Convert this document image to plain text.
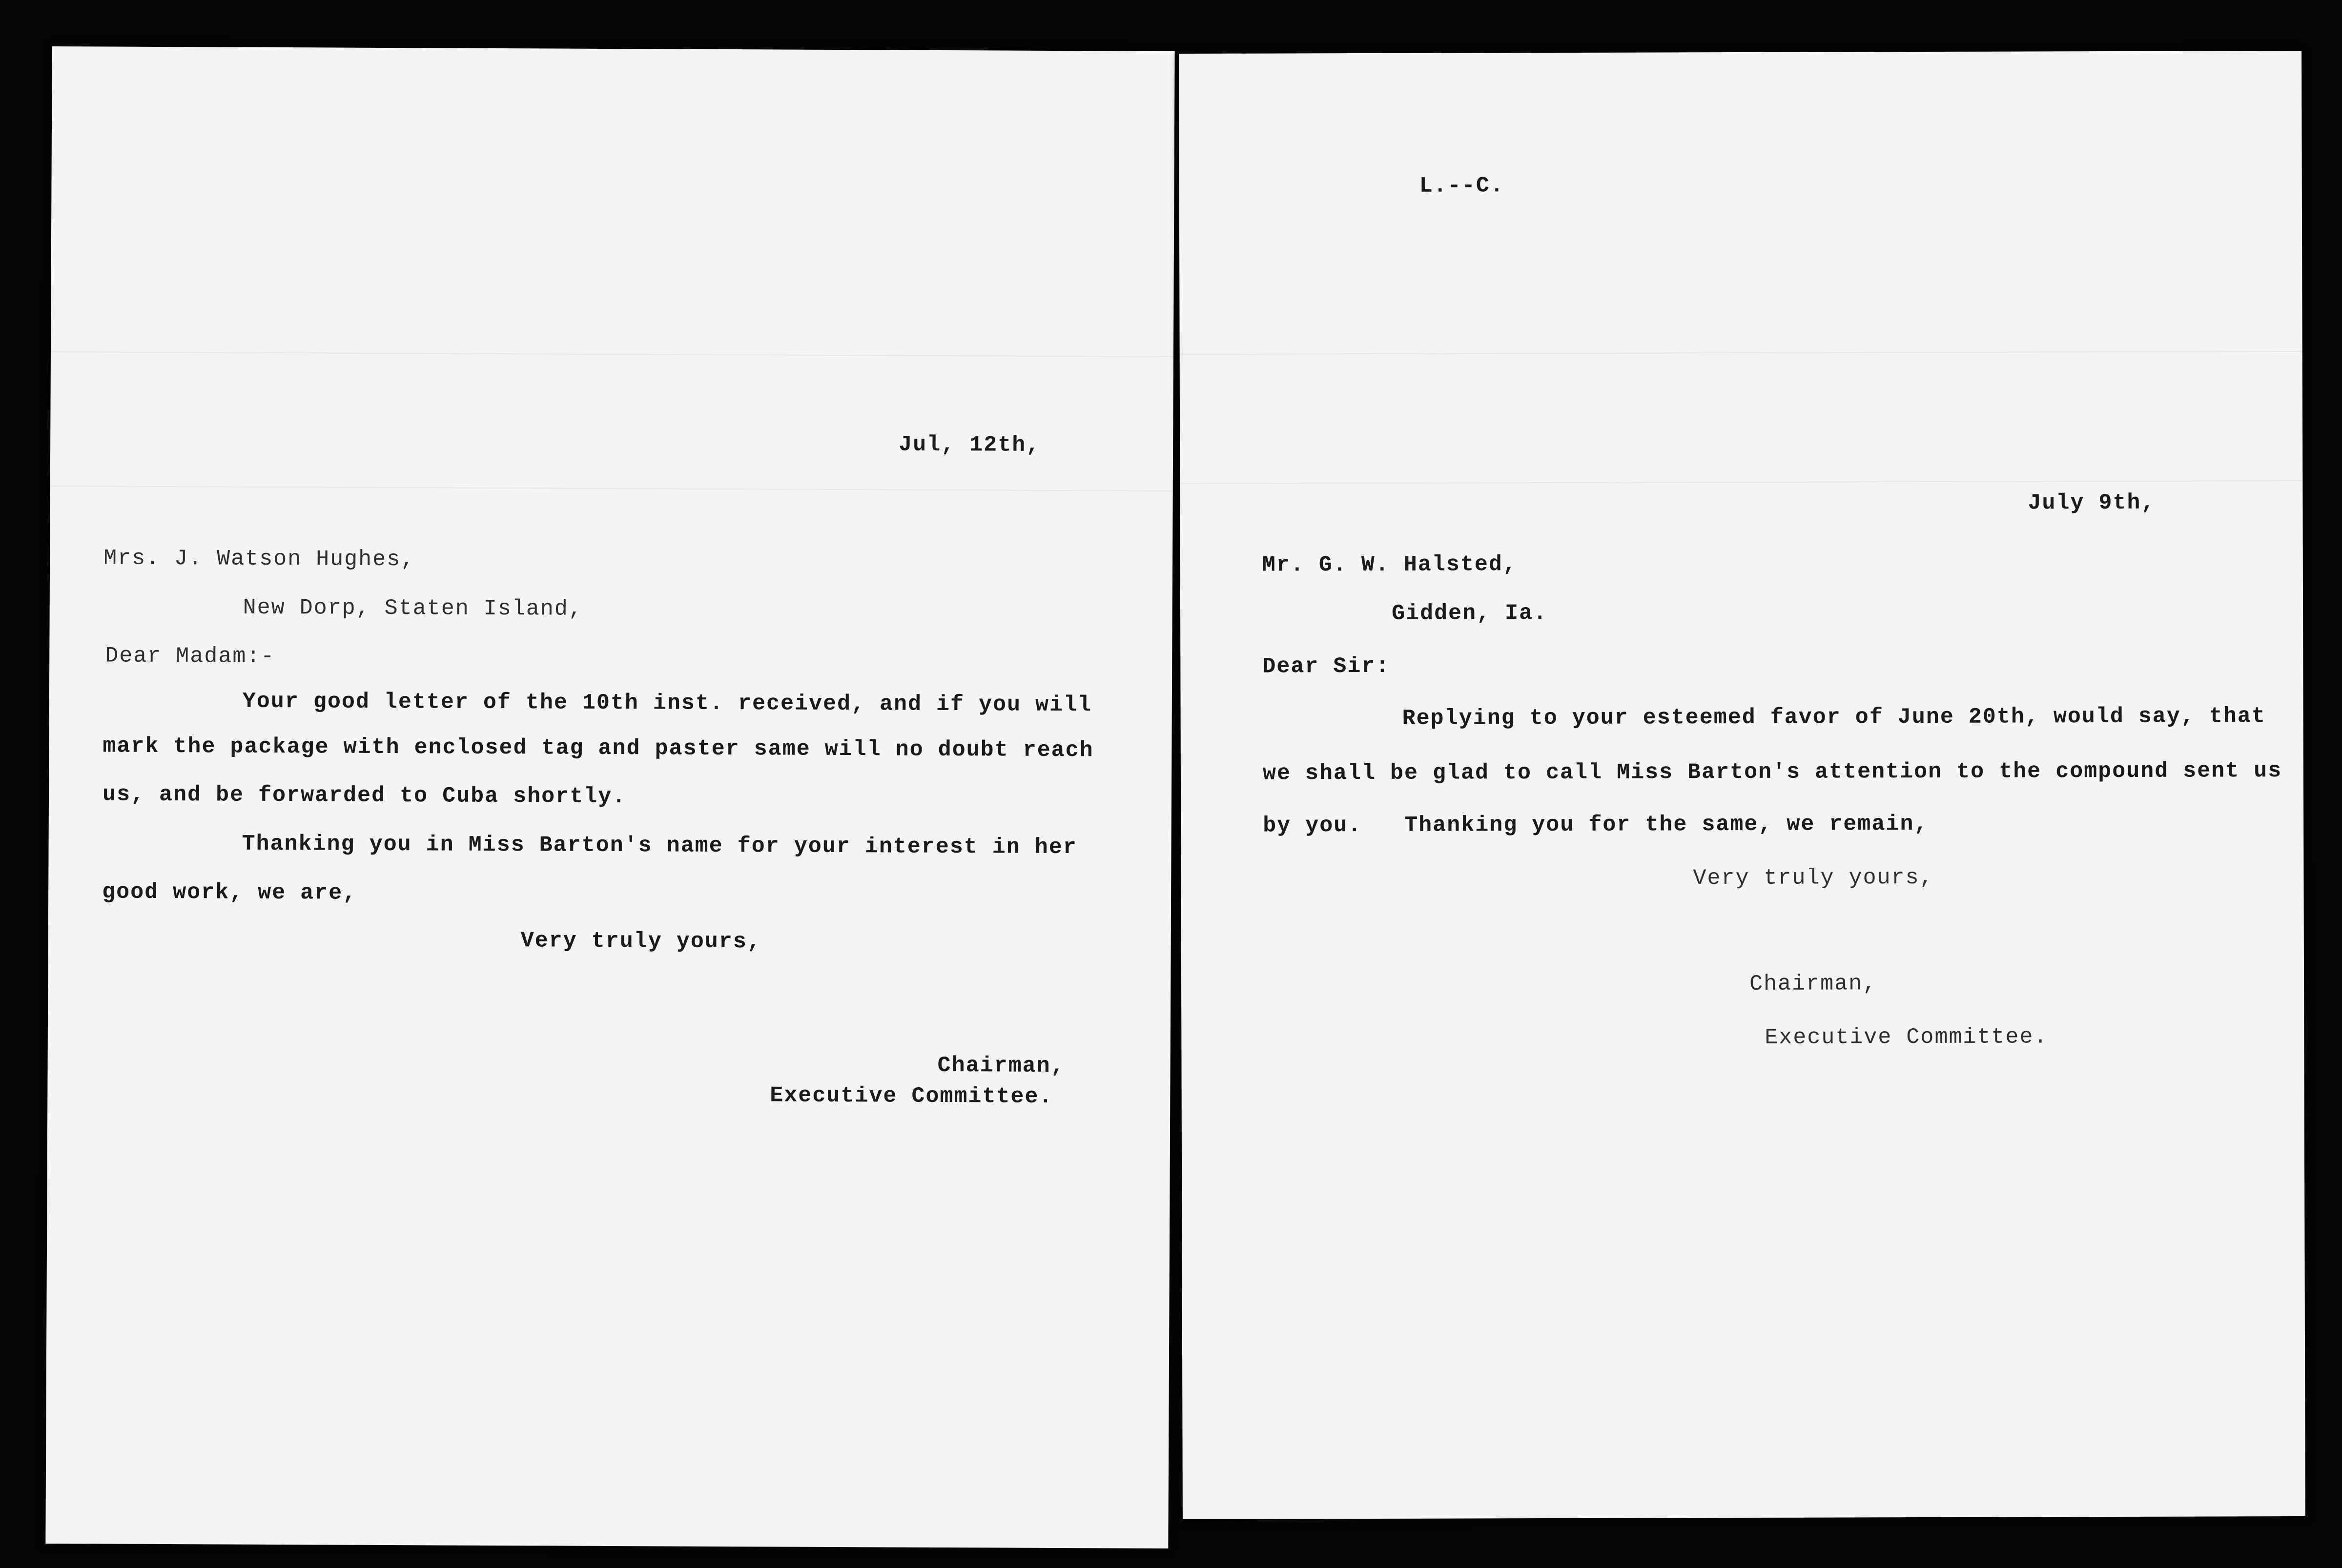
Jul, 12th,
Mrs. J. Watson Hughes,
New Dorp, Staten Island,
Dear Madam:-
Your good letter of the 10th inst. received, and if you will
mark the package with enclosed tag and paster same will no doubt reach
us, and be forwarded to Cuba shortly.
Thanking you in Miss Barton's name for your interest in her
good work, we are,
Very truly yours,
Chairman,
Executive Committee.
L.--C.
July 9th,
Mr. G. W. Halsted,
Gidden, Ia.
Dear Sir:
Replying to your esteemed favor of June 20th, would say, that
we shall be glad to call Miss Barton's attention to the compound sent us
by you.   Thanking you for the same, we remain,
Very truly yours,
Chairman,
Executive Committee.
